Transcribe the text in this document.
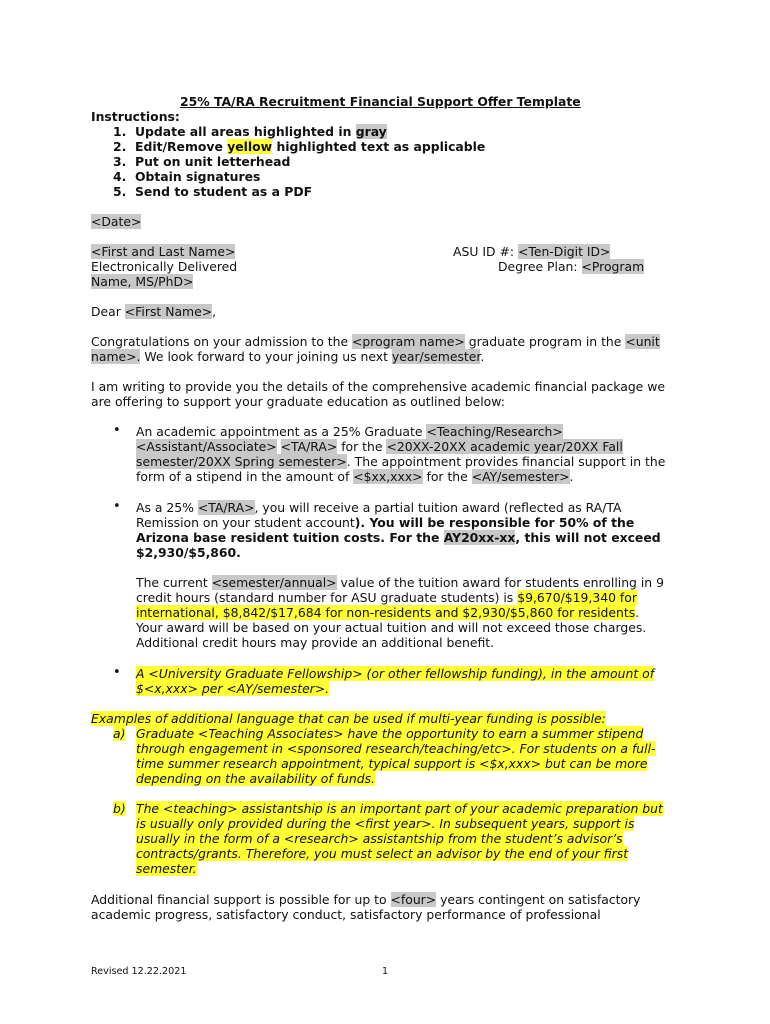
25% TA/RA Recruitment Financial Support Offer Template
Instructions:
1. Update all areas highlighted in gray
2. Edit/Remove yellow highlighted text as applicable
3. Put on unit letterhead
4. Obtain signatures
5. Send to student as a PDF
<Date>
<First and Last Name>
Electronically Delivered
Name, MS/PhD>
ASU ID #: <Ten-Digit ID>
Degree Plan: <Program
Dear <First Name>,
Congratulations on your admission to the <program name> graduate program in the <unit
name>. We look forward to your joining us next year/semester.
I am writing to provide you the details of the comprehensive academic financial package we
are offering to support your graduate education as outlined below:
• An academic appointment as a 25% Graduate <Teaching/Research>
<Assistant/Associate> <TA/RA> for the <20XX-20XX academic year/20XX Fall
semester/20XX Spring semester>. The appointment provides financial support in the
form of a stipend in the amount of <$xx,xxx> for the <AY/semester>.
• As a 25% <TA/RA>, you will receive a partial tuition award (reflected as RA/TA
Remission on your student account). You will be responsible for 50% of the
Arizona base resident tuition costs. For the AY20xx-xx, this will not exceed
$2,930/$5,860.
The current <semester/annual> value of the tuition award for students enrolling in 9
credit hours (standard number for ASU graduate students) is $9,670/$19,340 for
international, $8,842/$17,684 for non-residents and $2,930/$5,860 for residents.
Your award will be based on your actual tuition and will not exceed those charges.
Additional credit hours may provide an additional benefit.
• A <University Graduate Fellowship> (or other fellowship funding), in the amount of
$<x,xxx> per <AY/semester>.
Examples of additional language that can be used if multi-year funding is possible:
a) Graduate <Teaching Associates> have the opportunity to earn a summer stipend
through engagement in <sponsored research/teaching/etc>. For students on a full-
time summer research appointment, typical support is <$x,xxx> but can be more
depending on the availability of funds.
b) The <teaching> assistantship is an important part of your academic preparation but
is usually only provided during the <first year>. In subsequent years, support is
usually in the form of a <research> assistantship from the student’s advisor’s
contracts/grants. Therefore, you must select an advisor by the end of your first
semester.
Additional financial support is possible for up to <four> years contingent on satisfactory
academic progress, satisfactory conduct, satisfactory performance of professional
Revised 12.22.2021	1
